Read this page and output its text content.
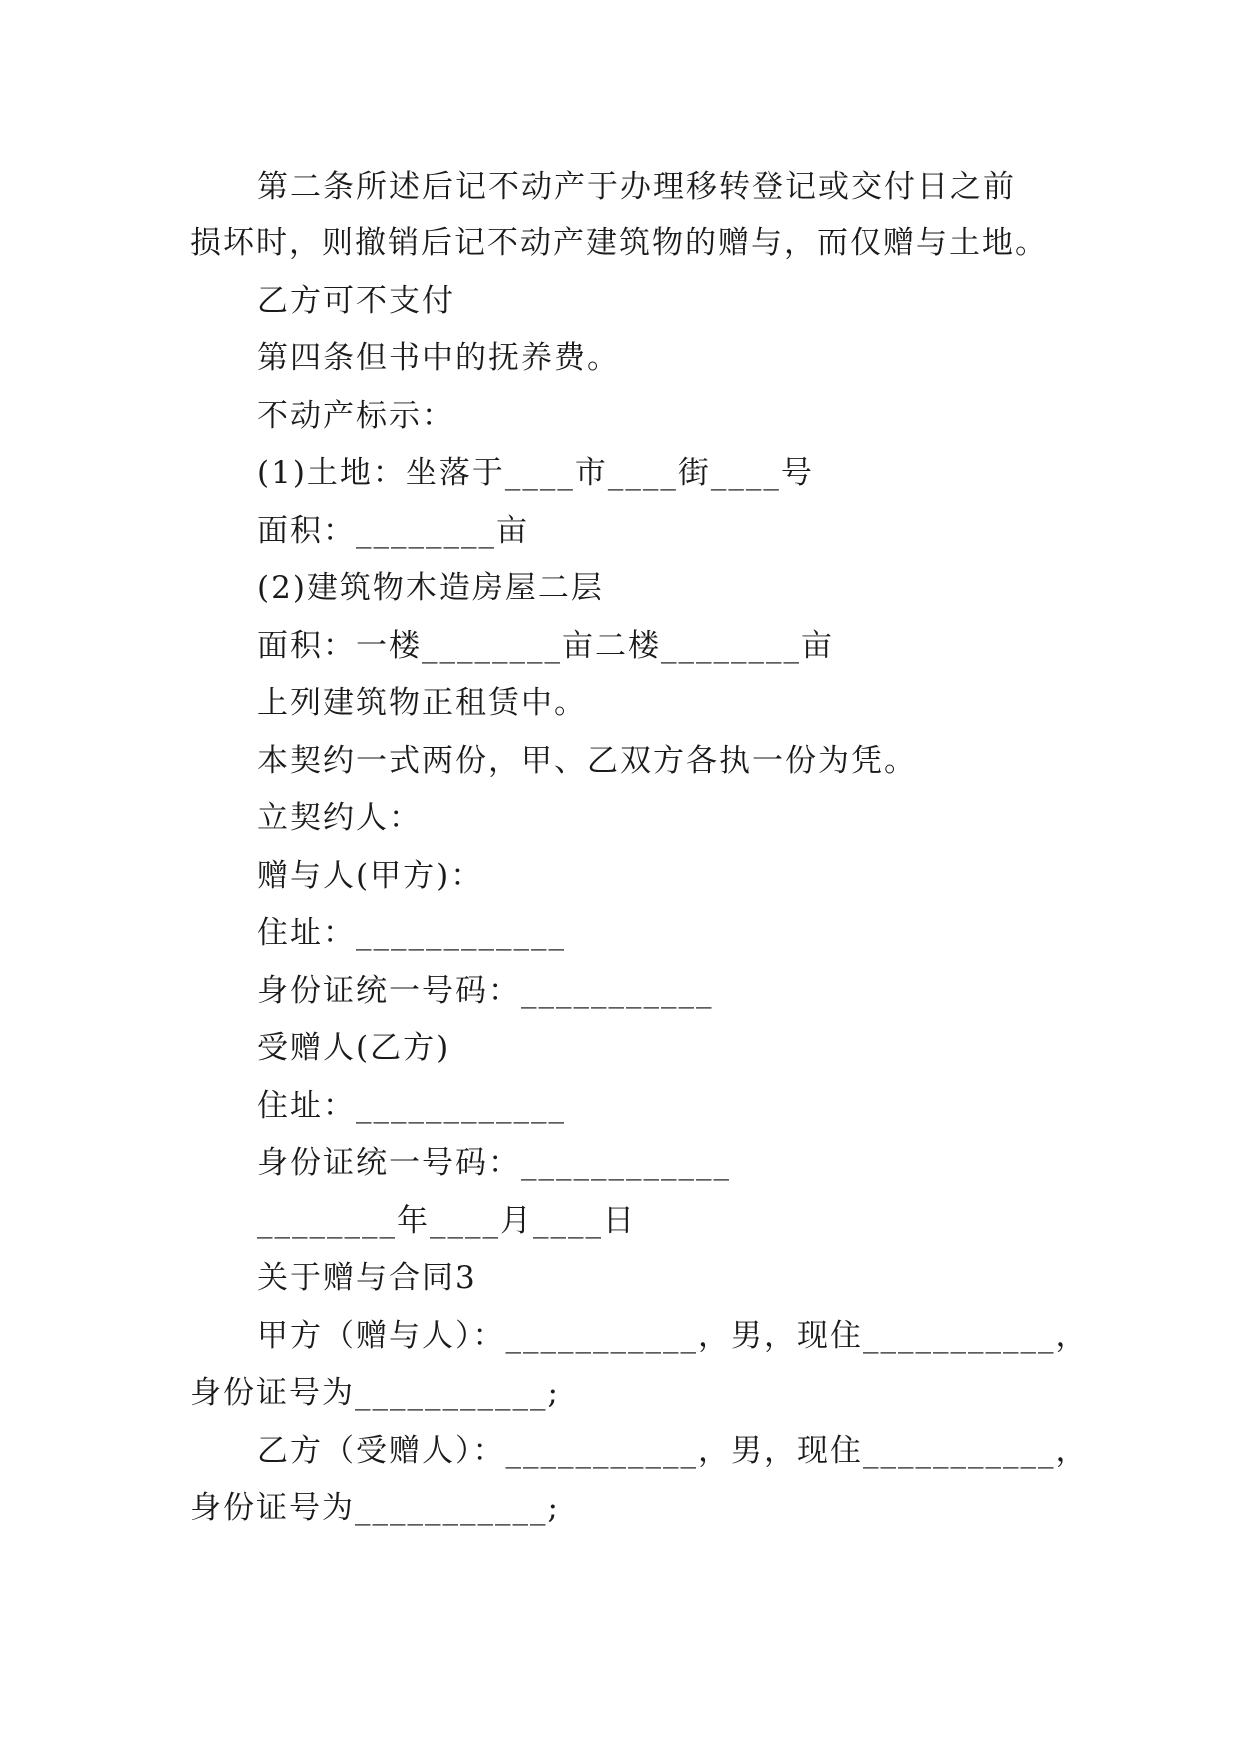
第二条所述后记不动产于办理移转登记或交付日之前
损坏时，则撤销后记不动产建筑物的赠与，而仅赠与土地。
乙方可不支付
第四条但书中的抚养费。
不动产标示：
(1)土地：坐落于____市____街____号
面积：________亩
(2)建筑物木造房屋二层
面积：一楼________亩二楼________亩
上列建筑物正租赁中。
本契约一式两份，甲、乙双方各执一份为凭。
立契约人：
赠与人(甲方)：
住址：____________
身份证统一号码：___________
受赠人(乙方)
住址：____________
身份证统一号码：____________
________年____月____日
关于赠与合同3
甲方（赠与人）：___________，男，现住___________，
身份证号为___________;
乙方（受赠人）：___________，男，现住___________，
身份证号为___________;
